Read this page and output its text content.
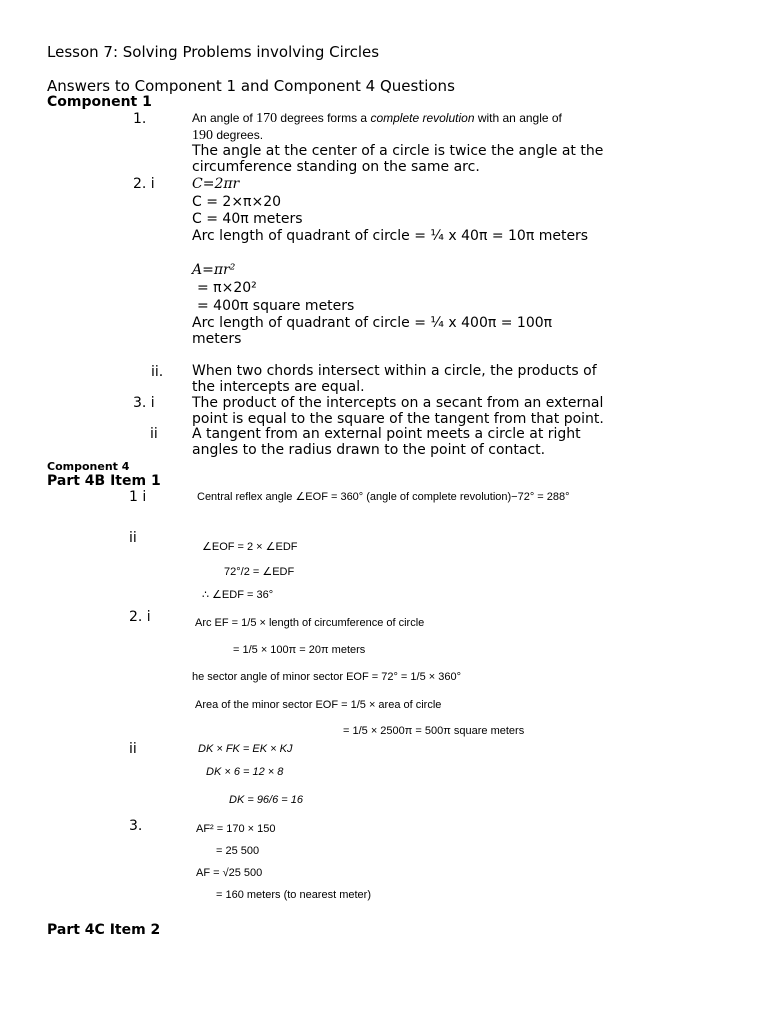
Lesson 7: Solving Problems involving Circles
Answers to Component 1 and Component 4 Questions
Component 1
1.	An angle of 170 degrees forms a complete revolution with an angle of
190 degrees.
The angle at the center of a circle is twice the angle at the
circumference standing on the same arc.
2. i	C=2πr
C = 2×π×20
C = 40π meters
Arc length of quadrant of circle = ¼ x 40π = 10π meters
A=πr²
= π×20²
= 400π square meters
Arc length of quadrant of circle = ¼ x 400π = 100π
meters
ii. When two chords intersect within a circle, the products of
the intercepts are equal.
3. i	The product of the intercepts on a secant from an external
point is equal to the square of the tangent from that point.
ii A tangent from an external point meets a circle at right
angles to the radius drawn to the point of contact.
Component 4
Part 4B Item 1
1 i	Central reflex angle ∠EOF = 360° (angle of complete revolution)−72° = 288°
ii
∠EOF = 2 × ∠EDF
72°/2 = ∠EDF
∴ ∠EDF = 36°
2. i	Arc EF = 1/5 × length of circumference of circle
= 1/5 × 100π = 20π meters
he sector angle of minor sector EOF = 72° = 1/5 × 360°
Area of the minor sector EOF = 1/5 × area of circle
= 1/5 × 2500π = 500π square meters
ii	DK × FK = EK × KJ
DK × 6 = 12 × 8
DK = 96/6 = 16
3.	AF² = 170 × 150
= 25 500
AF = √25 500
= 160 meters (to nearest meter)
Part 4C Item 2
